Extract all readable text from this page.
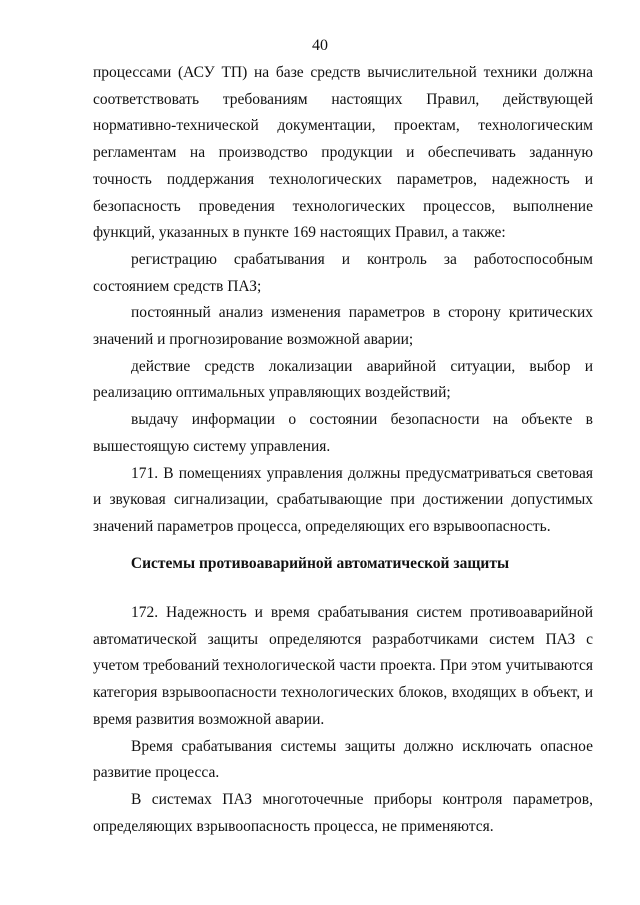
40

процессами (АСУ ТП) на базе средств вычислительной техники должна соответствовать требованиям настоящих Правил, действующей нормативно-технической документации, проектам, технологическим регламентам на производство продукции и обеспечивать заданную точность поддержания технологических параметров, надежность и безопасность проведения технологических процессов, выполнение функций, указанных в пункте 169 настоящих Правил, а также:

регистрацию срабатывания и контроль за работоспособным состоянием средств ПАЗ;

постоянный анализ изменения параметров в сторону критических значений и прогнозирование возможной аварии;

действие средств локализации аварийной ситуации, выбор и реализацию оптимальных управляющих воздействий;

выдачу информации о состоянии безопасности на объекте в вышестоящую систему управления.

171. В помещениях управления должны предусматриваться световая и звуковая сигнализации, срабатывающие при достижении допустимых значений параметров процесса, определяющих его взрывоопасность.

Системы противоаварийной автоматической защиты

172. Надежность и время срабатывания систем противоаварийной автоматической защиты определяются разработчиками систем ПАЗ с учетом требований технологической части проекта. При этом учитываются категория взрывоопасности технологических блоков, входящих в объект, и время развития возможной аварии.

Время срабатывания системы защиты должно исключать опасное развитие процесса.

В системах ПАЗ многоточечные приборы контроля параметров, определяющих взрывоопасность процесса, не применяются.
